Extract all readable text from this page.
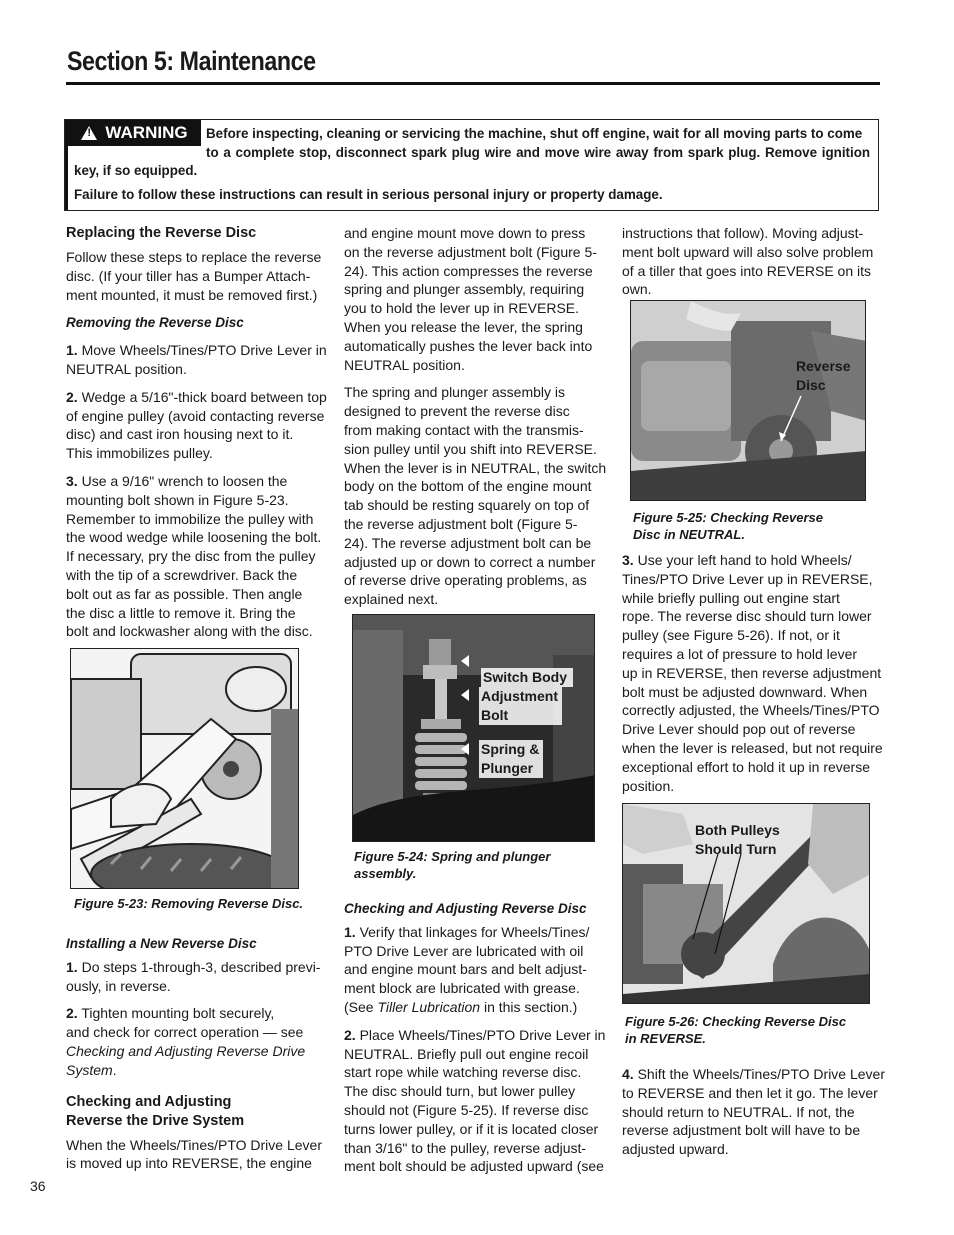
Section 5: Maintenance
!
WARNING Before inspecting, cleaning or servicing the machine, shut off engine, wait for all moving parts to come
to a complete stop, disconnect spark plug wire and move wire away from spark plug. Remove ignition
key, if so equipped.
Failure to follow these instructions can result in serious personal injury or property damage.
Replacing the Reverse Disc

Follow these steps to replace the reverse

disc. (If your tiller has a Bumper Attach-

ment mounted, it must be removed first.)

Removing the Reverse Disc

1. Move Wheels/Tines/PTO Drive Lever in

NEUTRAL position.

2. Wedge a 5/16"-thick board between top

of engine pulley (avoid contacting reverse

disc) and cast iron housing next to it.

This immobilizes pulley.

3. Use a 9/16" wrench to loosen the

mounting bolt shown in Figure 5-23.

Remember to immobilize the pulley with

the wood wedge while loosening the bolt.

If necessary, pry the disc from the pulley

with the tip of a screwdriver. Back the

bolt out as far as possible. Then angle

the disc a little to remove it. Bring the

bolt and lockwasher along with the disc.

Figure 5-23: Removing Reverse Disc.

Installing a New Reverse Disc

1. Do steps 1-through-3, described previ-

ously, in reverse.

2. Tighten mounting bolt securely,

and check for correct operation — see

Checking and Adjusting Reverse Drive

System.

Checking and Adjusting
Reverse the Drive System

When the Wheels/Tines/PTO Drive Lever

is moved up into REVERSE, the engine

and engine mount move down to press

on the reverse adjustment bolt (Figure 5-

24). This action compresses the reverse

spring and plunger assembly, requiring

you to hold the lever up in REVERSE.

When you release the lever, the spring

automatically pushes the lever back into

NEUTRAL position.

The spring and plunger assembly is

designed to prevent the reverse disc

from making contact with the transmis-

sion pulley until you shift into REVERSE.

When the lever is in NEUTRAL, the switch

body on the bottom of the engine mount

tab should be resting squarely on top of

the reverse adjustment bolt (Figure 5-

24). The reverse adjustment bolt can be

adjusted up or down to correct a number

of reverse drive operating problems, as

explained next.

Switch Body
Adjustment
Bolt
Spring &
Plunger
Figure 5-24: Spring and plunger
assembly.

Checking and Adjusting Reverse Disc

1. Verify that linkages for Wheels/Tines/

PTO Drive Lever are lubricated with oil

and engine mount bars and belt adjust-

ment block are lubricated with grease.

(See Tiller Lubrication in this section.)

2. Place Wheels/Tines/PTO Drive Lever in

NEUTRAL. Briefly pull out engine recoil

start rope while watching reverse disc.

The disc should turn, but lower pulley

should not (Figure 5-25). If reverse disc

turns lower pulley, or if it is located closer

than 3/16" to the pulley, reverse adjust-

ment bolt should be adjusted upward (see

instructions that follow). Moving adjust-

ment bolt upward will also solve problem

of a tiller that goes into REVERSE on its

own.

Reverse
Disc
Figure 5-25: Checking Reverse
Disc in NEUTRAL.

3. Use your left hand to hold Wheels/

Tines/PTO Drive Lever up in REVERSE,

while briefly pulling out engine start

rope. The reverse disc should turn lower

pulley (see Figure 5-26). If not, or it

requires a lot of pressure to hold lever

up in REVERSE, then reverse adjustment

bolt must be adjusted downward. When

correctly adjusted, the Wheels/Tines/PTO

Drive Lever should pop out of reverse

when the lever is released, but not require

exceptional effort to hold it up in reverse

position.

Both Pulleys
Should Turn
Figure 5-26: Checking Reverse Disc
in REVERSE.

4. Shift the Wheels/Tines/PTO Drive Lever

to REVERSE and then let it go. The lever

should return to NEUTRAL. If not, the

reverse adjustment bolt will have to be

adjusted upward.

36
